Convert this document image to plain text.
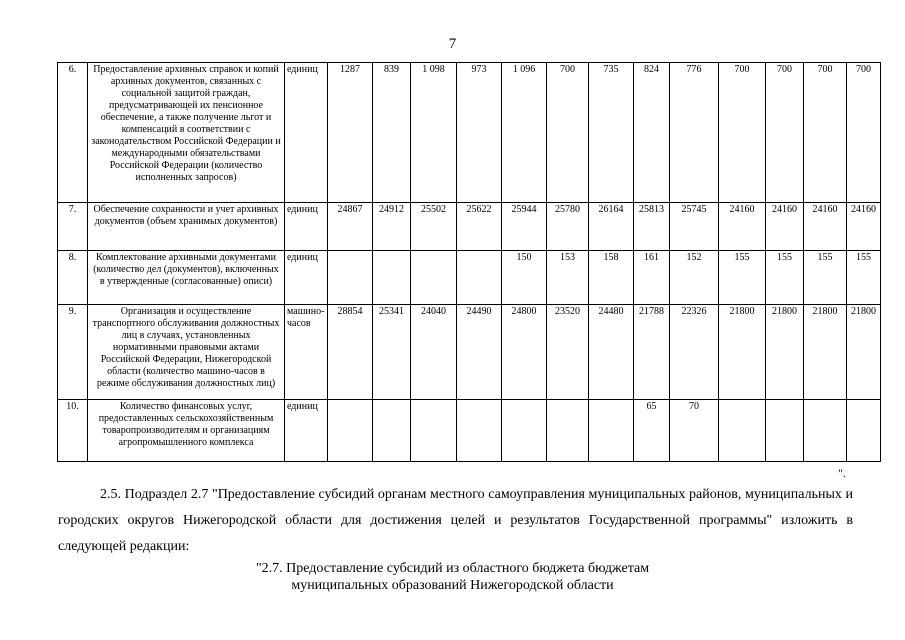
7
6.	Предоставление архивных справок и копий архивных документов, связанных с социальной защитой граждан, предусматривающей их пенсионное обеспечение, а также получение льгот и компенсаций в соответствии с законодательством Российской Федерации и международными обязательствами Российской Федерации (количество исполненных запросов)	единиц	1287	839	1 098	973	1 096	700	735	824	776	700	700	700	700
7.	Обеспечение сохранности и учет архивных документов (объем хранимых документов)	единиц	24867	24912	25502	25622	25944	25780	26164	25813	25745	24160	24160	24160	24160
8.	Комплектование архивными документами (количество дел (документов), включенных в утвержденные (согласованные) описи)	единиц					150	153	158	161	152	155	155	155	155
9.	Организация и осуществление транспортного обслуживания должностных лиц в случаях, установленных нормативными правовыми актами Российской Федерации, Нижегородской области (количество машино-часов в режиме обслуживания должностных лиц)	машино-часов	28854	25341	24040	24490	24800	23520	24480	21788	22326	21800	21800	21800	21800
10.	Количество финансовых услуг, предоставленных сельскохозяйственным товаропроизводителям и организациям агропромышленного комплекса	единиц								65	70				
".
2.5. Подраздел 2.7 "Предоставление субсидий органам местного самоуправления муниципальных районов, муниципальных и городских округов Нижегородской области для достижения целей и результатов Государственной программы" изложить в следующей редакции:
"2.7. Предоставление субсидий из областного бюджета бюджетам
муниципальных образований Нижегородской области
